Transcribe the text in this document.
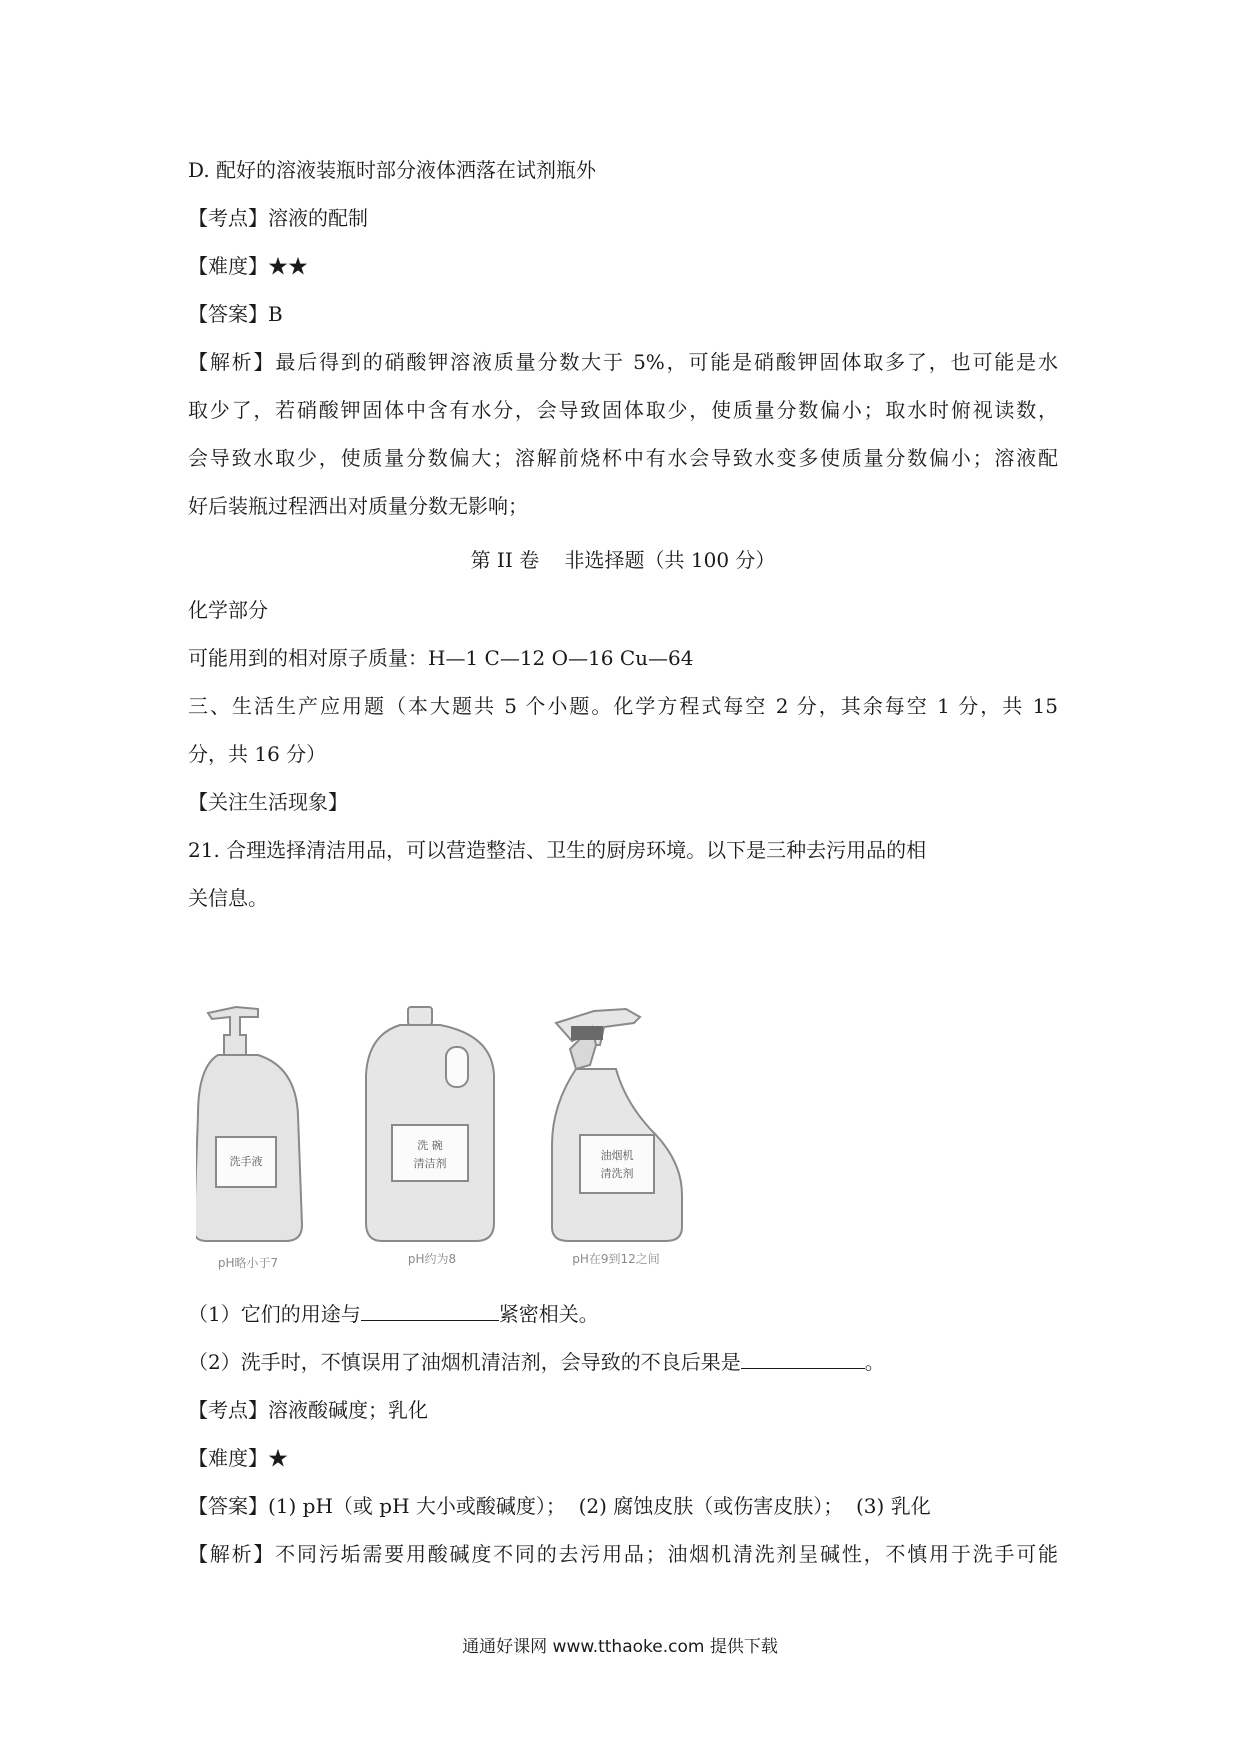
D. 配好的溶液装瓶时部分液体洒落在试剂瓶外
【考点】溶液的配制
【难度】★★
【答案】B
【解析】最后得到的硝酸钾溶液质量分数大于 5%，可能是硝酸钾固体取多了，也可能是水
取少了，若硝酸钾固体中含有水分，会导致固体取少，使质量分数偏小；取水时俯视读数，
会导致水取少，使质量分数偏大；溶解前烧杯中有水会导致水变多使质量分数偏小；溶液配
好后装瓶过程洒出对质量分数无影响；
第 II 卷    非选择题（共 100 分）
化学部分
可能用到的相对原子质量：H—1 C—12 O—16 Cu—64
三、生活生产应用题（本大题共 5 个小题。化学方程式每空 2 分，其余每空 1 分，共 15
分，共 16 分）
【关注生活现象】
21. 合理选择清洁用品，可以营造整洁、卫生的厨房环境。以下是三种去污用品的相
关信息。
洗手液
pH略小于7
洗 碗
清洁剂
pH约为8
油烟机
清洗剂
pH在9到12之间
（1）它们的用途与	紧密相关。
（2）洗手时，不慎误用了油烟机清洁剂，会导致的不良后果是	。
【考点】溶液酸碱度；乳化
【难度】★
【答案】(1) pH（或 pH 大小或酸碱度）；  (2) 腐蚀皮肤（或伤害皮肤）；  (3) 乳化
【解析】不同污垢需要用酸碱度不同的去污用品；油烟机清洗剂呈碱性，不慎用于洗手可能
通通好课网 www.tthaoke.com 提供下载
